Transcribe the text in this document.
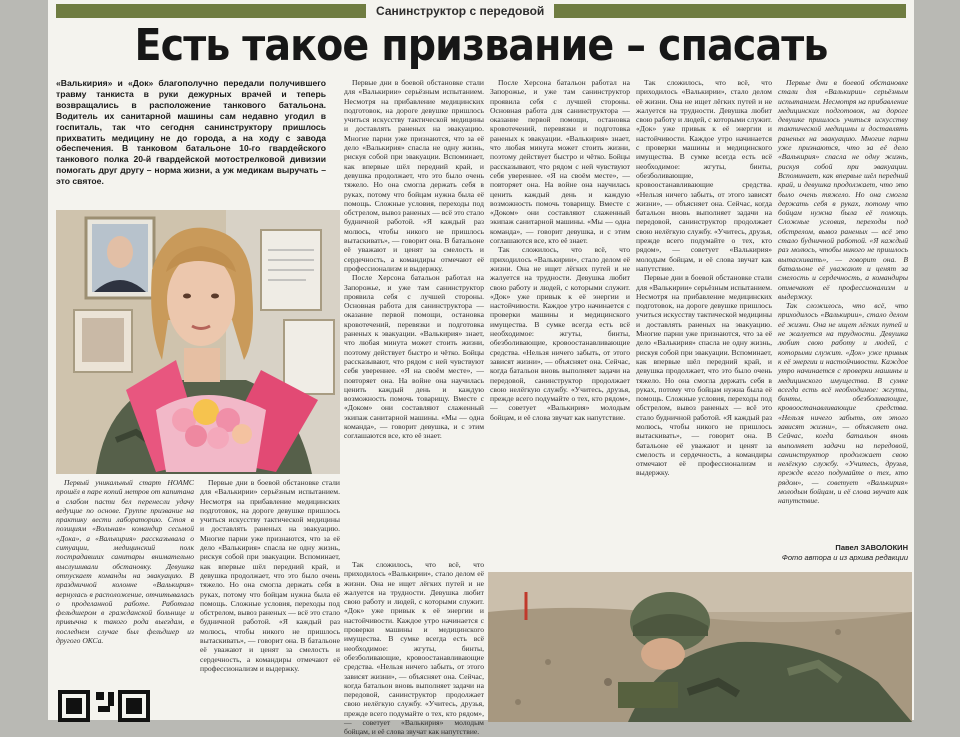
Санинструктор с передовой
Есть такое призвание – спасать
«Валькирия» и «Док» благополучно передали получившего травму танкиста в руки дежурных врачей и теперь возвращались в расположение танкового батальона. Водитель их санитарной машины сам недавно угодил в госпиталь, так что сегодня санинструктору пришлось прихватить медицину не до города, а на ходу с завода обеспечения. В танковом батальоне 10-го гвардейского танкового полка 20-й гвардейской мотострелковой дивизии помогать друг другу – норма жизни, а уж медикам выручать – это святое.

Первые дни в боевой обстановке стали для «Валькирии» серьёзным испытанием. Несмотря на прибавление медицинских подготовок, на дороге девушке пришлось учиться искусству тактической медицины и доставлять раненых на эвакуацию. Многие парни уже признаются, что за её дело «Валькирия» спасла не одну жизнь, рискуя собой при эвакуации. Вспоминает, как впервые шёл передний край, и девушка продолжает, что это было очень тяжело. Но она смогла держать себя в руках, потому что бойцам нужна была её помощь. Сложные условия, переходы под обстрелом, вывоз раненых — всё это стало будничной работой. «Я каждый раз молюсь, чтобы никого не пришлось вытаскивать», — говорит она. В батальоне её уважают и ценят за смелость и сердечность, а командиры отмечают её профессионализм и выдержку.

После Херсона батальон работал на Запорожье, и уже там санинструктор проявила себя с лучшей стороны. Основная работа для санинструктора — оказание первой помощи, остановка кровотечений, перевязки и подготовка раненых к эвакуации. «Валькирия» знает, что любая минута может стоить жизни, поэтому действует быстро и чётко. Бойцы рассказывают, что рядом с ней чувствуют себя увереннее. «Я на своём месте», — повторяет она. На войне она научилась ценить каждый день и каждую возможность помочь товарищу. Вместе с «Доком» они составляют слаженный экипаж санитарной машины. «Мы — одна команда», — говорит девушка, и с этим соглашаются все, кто её знает.

После Херсона батальон работал на Запорожье, и уже там санинструктор проявила себя с лучшей стороны. Основная работа для санинструктора — оказание первой помощи, остановка кровотечений, перевязки и подготовка раненых к эвакуации. «Валькирия» знает, что любая минута может стоить жизни, поэтому действует быстро и чётко. Бойцы рассказывают, что рядом с ней чувствуют себя увереннее. «Я на своём месте», — повторяет она. На войне она научилась ценить каждый день и каждую возможность помочь товарищу. Вместе с «Доком» они составляют слаженный экипаж санитарной машины. «Мы — одна команда», — говорит девушка, и с этим соглашаются все, кто её знает.

Так сложилось, что всё, что приходилось «Валькирии», стало делом её жизни. Она не ищет лёгких путей и не жалуется на трудности. Девушка любит свою работу и людей, с которыми служит. «Док» уже привык к её энергии и настойчивости. Каждое утро начинается с проверки машины и медицинского имущества. В сумке всегда есть всё необходимое: жгуты, бинты, обезболивающие, кровоостанавливающие средства. «Нельзя ничего забыть, от этого зависят жизни», — объясняет она. Сейчас, когда батальон вновь выполняет задачи на передовой, санинструктор продолжает свою нелёгкую службу. «Учитесь, друзья, прежде всего подумайте о тех, кто рядом», — советует «Валькирия» молодым бойцам, и её слова звучат как напутствие.

Так сложилось, что всё, что приходилось «Валькирии», стало делом её жизни. Она не ищет лёгких путей и не жалуется на трудности. Девушка любит свою работу и людей, с которыми служит. «Док» уже привык к её энергии и настойчивости. Каждое утро начинается с проверки машины и медицинского имущества. В сумке всегда есть всё необходимое: жгуты, бинты, обезболивающие, кровоостанавливающие средства. «Нельзя ничего забыть, от этого зависят жизни», — объясняет она. Сейчас, когда батальон вновь выполняет задачи на передовой, санинструктор продолжает свою нелёгкую службу. «Учитесь, друзья, прежде всего подумайте о тех, кто рядом», — советует «Валькирия» молодым бойцам, и её слова звучат как напутствие.

Первые дни в боевой обстановке стали для «Валькирии» серьёзным испытанием. Несмотря на прибавление медицинских подготовок, на дороге девушке пришлось учиться искусству тактической медицины и доставлять раненых на эвакуацию. Многие парни уже признаются, что за её дело «Валькирия» спасла не одну жизнь, рискуя собой при эвакуации. Вспоминает, как впервые шёл передний край, и девушка продолжает, что это было очень тяжело. Но она смогла держать себя в руках, потому что бойцам нужна была её помощь. Сложные условия, переходы под обстрелом, вывоз раненых — всё это стало будничной работой. «Я каждый раз молюсь, чтобы никого не пришлось вытаскивать», — говорит она. В батальоне её уважают и ценят за смелость и сердечность, а командиры отмечают её профессионализм и выдержку.

Первые дни в боевой обстановке стали для «Валькирии» серьёзным испытанием. Несмотря на прибавление медицинских подготовок, на дороге девушке пришлось учиться искусству тактической медицины и доставлять раненых на эвакуацию. Многие парни уже признаются, что за её дело «Валькирия» спасла не одну жизнь, рискуя собой при эвакуации. Вспоминает, как впервые шёл передний край, и девушка продолжает, что это было очень тяжело. Но она смогла держать себя в руках, потому что бойцам нужна была её помощь. Сложные условия, переходы под обстрелом, вывоз раненых — всё это стало будничной работой. «Я каждый раз молюсь, чтобы никого не пришлось вытаскивать», — говорит она. В батальоне её уважают и ценят за смелость и сердечность, а командиры отмечают её профессионализм и выдержку.

Так сложилось, что всё, что приходилось «Валькирии», стало делом её жизни. Она не ищет лёгких путей и не жалуется на трудности. Девушка любит свою работу и людей, с которыми служит. «Док» уже привык к её энергии и настойчивости. Каждое утро начинается с проверки машины и медицинского имущества. В сумке всегда есть всё необходимое: жгуты, бинты, обезболивающие, кровоостанавливающие средства. «Нельзя ничего забыть, от этого зависят жизни», — объясняет она. Сейчас, когда батальон вновь выполняет задачи на передовой, санинструктор продолжает свою нелёгкую службу. «Учитесь, друзья, прежде всего подумайте о тех, кто рядом», — советует «Валькирия» молодым бойцам, и её слова звучат как напутствие.

Первый уникальный старт НОАМС прошёл в паре копий метров от капитана в слабом пасти бел перенесли удачу ведущие по основе. Группе призвание на практику вести лабораторию. Стоя в позициям «Вольная» командир сесьмой «Дока», а «Валькирия» рассказывала о ситуации, медицинский полк пострадавших санитары внимательно выслушивали обстановку. Девушка отпускает команды на эвакуацию. В праздничной колонне «Валькирия» вернулась в расположение, отчитывалась о проделанной работе. Работала фельдшером в гражданской больнице и привычна к такого рода выездам, в последнем случае был фельдшер из другого ОКСа.

Первые дни в боевой обстановке стали для «Валькирии» серьёзным испытанием. Несмотря на прибавление медицинских подготовок, на дороге девушке пришлось учиться искусству тактической медицины и доставлять раненых на эвакуацию. Многие парни уже признаются, что за её дело «Валькирия» спасла не одну жизнь, рискуя собой при эвакуации. Вспоминает, как впервые шёл передний край, и девушка продолжает, что это было очень тяжело. Но она смогла держать себя в руках, потому что бойцам нужна была её помощь. Сложные условия, переходы под обстрелом, вывоз раненых — всё это стало будничной работой. «Я каждый раз молюсь, чтобы никого не пришлось вытаскивать», — говорит она. В батальоне её уважают и ценят за смелость и сердечность, а командиры отмечают её профессионализм и выдержку.

Так сложилось, что всё, что приходилось «Валькирии», стало делом её жизни. Она не ищет лёгких путей и не жалуется на трудности. Девушка любит свою работу и людей, с которыми служит. «Док» уже привык к её энергии и настойчивости. Каждое утро начинается с проверки машины и медицинского имущества. В сумке всегда есть всё необходимое: жгуты, бинты, обезболивающие, кровоостанавливающие средства. «Нельзя ничего забыть, от этого зависят жизни», — объясняет она. Сейчас, когда батальон вновь выполняет задачи на передовой, санинструктор продолжает свою нелёгкую службу. «Учитесь, друзья, прежде всего подумайте о тех, кто рядом», — советует «Валькирия» молодым бойцам, и её слова звучат как напутствие.

Павел ЗАВОЛОКИН
Фото автора и из архива редакции
